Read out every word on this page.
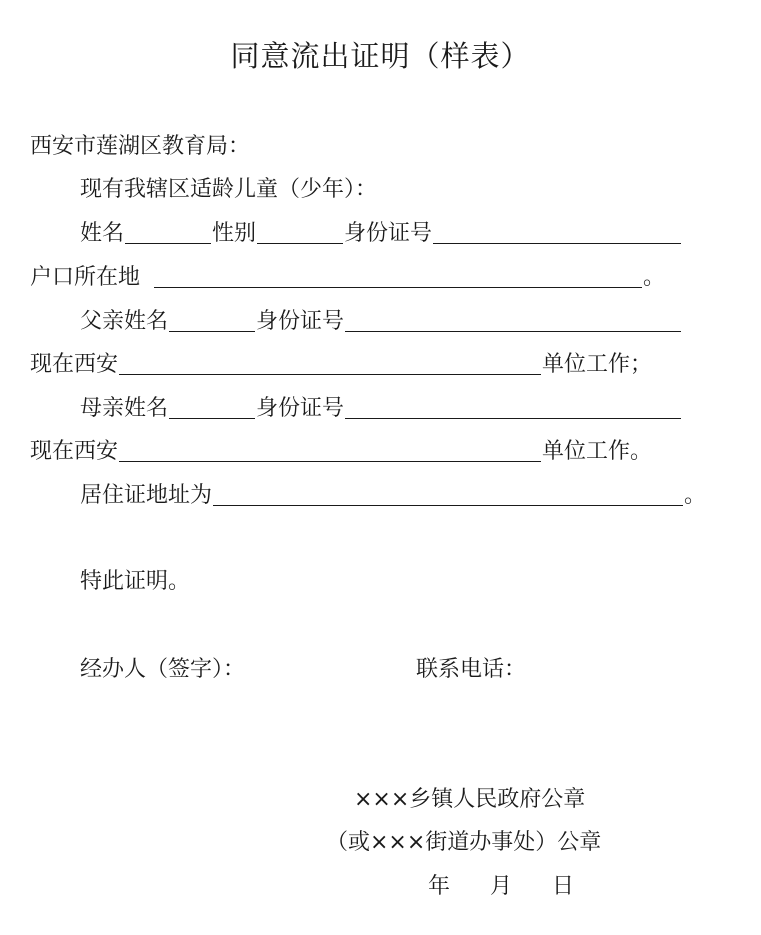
同意流出证明（样表）
西安市莲湖区教育局：
现有我辖区适龄儿童（少年）：
姓名	性别	身份证号
户口所在地	。
父亲姓名	身份证号
现在西安	单位工作；
母亲姓名	身份证号
现在西安	单位工作。
居住证地址为	。
特此证明。
经办人（签字）：	联系电话：
×××乡镇人民政府公章
（或×××街道办事处）公章
年 月 日
